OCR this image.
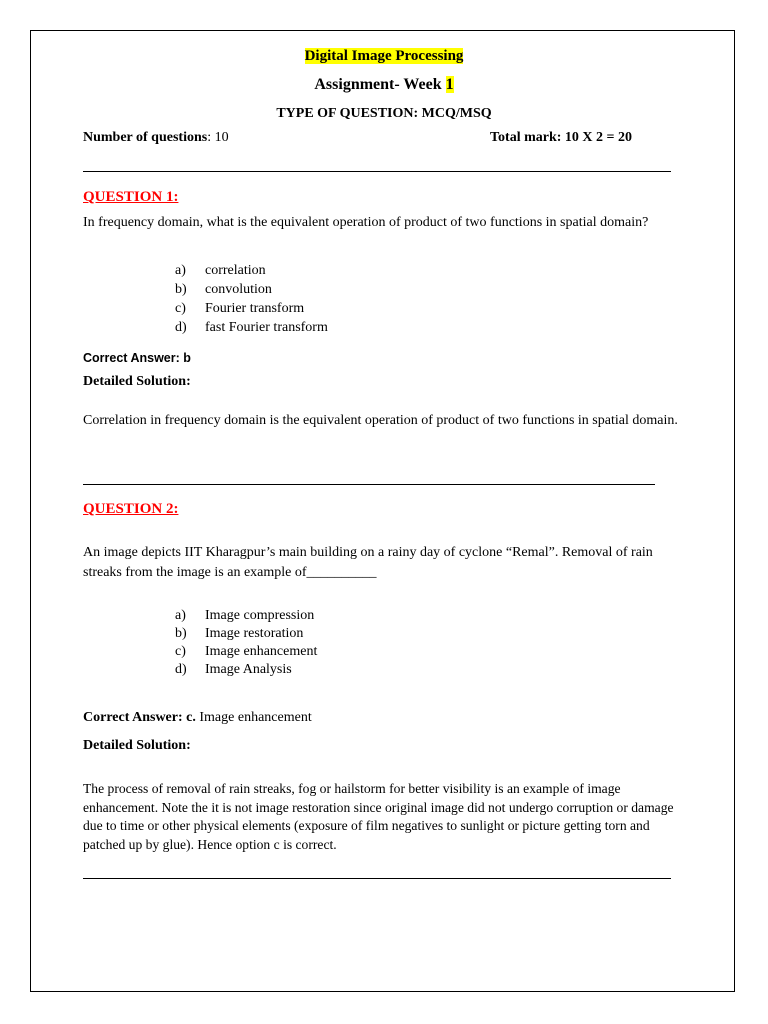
Digital Image Processing
Assignment- Week 1
TYPE OF QUESTION: MCQ/MSQ
Number of questions: 10	Total mark: 10 X 2 = 20
QUESTION 1:
In frequency domain, what is the equivalent operation of product of two functions in spatial domain?
a) correlation
b) convolution
c) Fourier transform
d) fast Fourier transform
Correct Answer: b
Detailed Solution:
Correlation in frequency domain is the equivalent operation of product of two functions in spatial domain.
QUESTION 2:
An image depicts IIT Kharagpur’s main building on a rainy day of cyclone “Remal”. Removal of rain streaks from the image is an example of__________
a) Image compression
b) Image restoration
c) Image enhancement
d) Image Analysis
Correct Answer: c. Image enhancement
Detailed Solution:
The process of removal of rain streaks, fog or hailstorm for better visibility is an example of image enhancement. Note the it is not image restoration since original image did not undergo corruption or damage due to time or other physical elements (exposure of film negatives to sunlight or picture getting torn and patched up by glue). Hence option c is correct.
